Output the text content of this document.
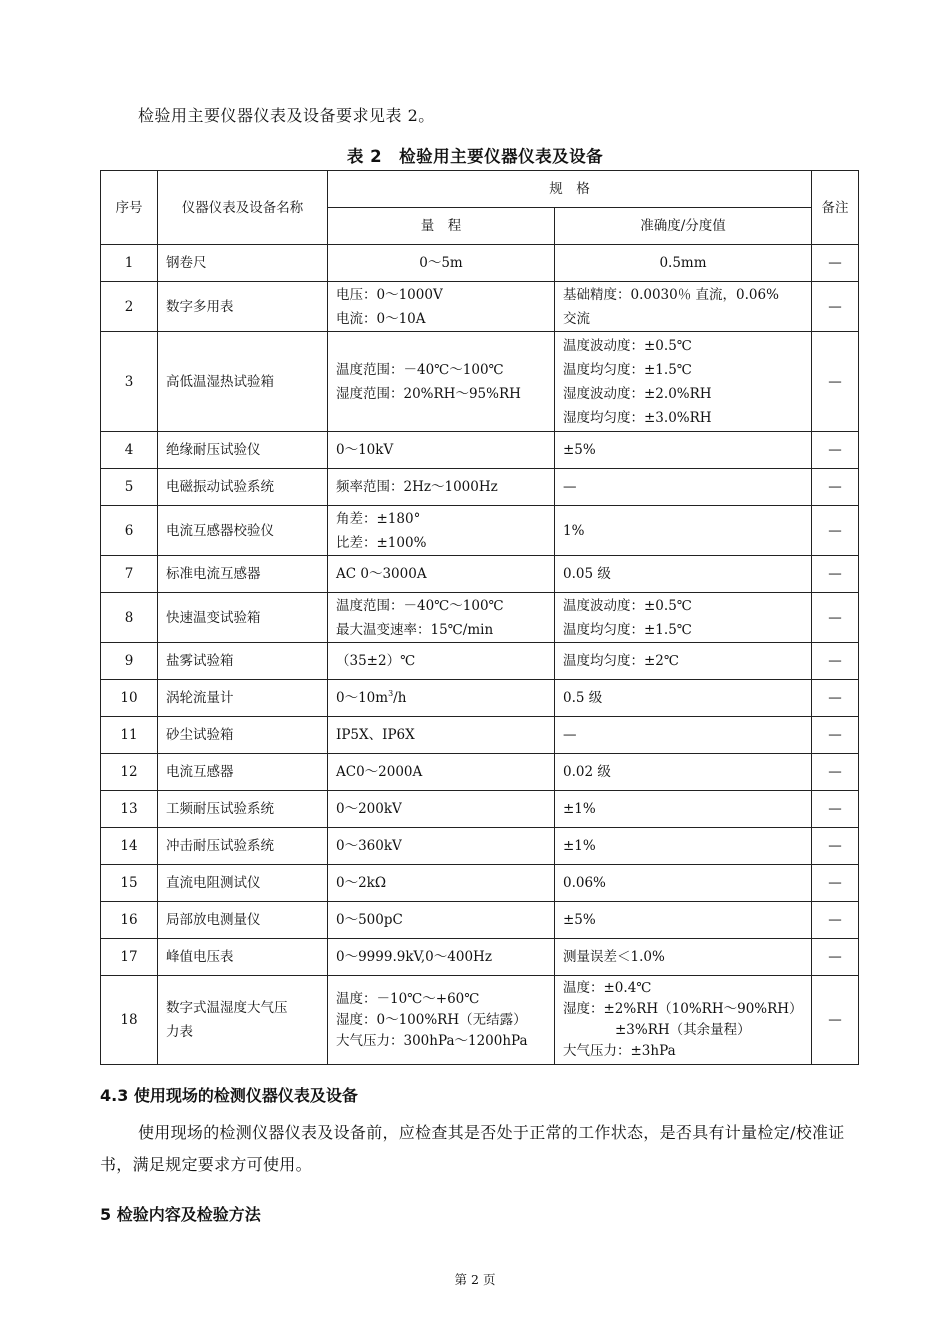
检验用主要仪器仪表及设备要求见表 2。
表 2　检验用主要仪器仪表及设备
序号	仪器仪表及设备名称	规　格		备注
		量　程	准确度/分度值	
1	钢卷尺	0～5m	0.5mm	—
2	数字多用表	电压：0～1000V
电流：0～10A	基础精度：0.0030％ 直流，0.06%
交流	—
3	高低温湿热试验箱	温度范围：－40℃～100℃
湿度范围：20%RH～95%RH	温度波动度：±0.5℃
温度均匀度：±1.5℃
湿度波动度：±2.0%RH
湿度均匀度：±3.0%RH	—
4	绝缘耐压试验仪	0～10kV	±5%	—
5	电磁振动试验系统	频率范围：2Hz～1000Hz	—	—
6	电流互感器校验仪	角差：±180°
比差：±100%	1%	—
7	标准电流互感器	AC 0～3000A	0.05 级	—
8	快速温变试验箱	温度范围：－40℃～100℃
最大温变速率：15℃/min	温度波动度：±0.5℃
温度均匀度：±1.5℃	—
9	盐雾试验箱	（35±2）℃	温度均匀度：±2℃	—
10	涡轮流量计	$0\sim 10m^3/h$	0.5 级	—
11	砂尘试验箱	IP5X、IP6X	—	—
12	电流互感器	AC0～2000A	0.02 级	—
13	工频耐压试验系统	0～200kV	±1%	—
14	冲击耐压试验系统	0～360kV	±1%	—
15	直流电阻测试仪	0～2kΩ	0.06%	—
16	局部放电测量仪	0～500pC	±5%	—
17	峰值电压表	0～9999.9kV,0～400Hz	测量误差＜1.0%	—
18	数字式温湿度大气压
力表	温度：－10℃～+60℃
湿度：0～100%RH（无结露）
大气压力：300hPa～1200hPa	温度：±0.4℃
湿度：±2%RH（10%RH～90%RH）
±3%RH（其余量程）
大气压力：±3hPa	—
4.3 使用现场的检测仪器仪表及设备
使用现场的检测仪器仪表及设备前，应检查其是否处于正常的工作状态，是否具有计量检定/校准证书，满足规定要求方可使用。
5 检验内容及检验方法
第 2 页
